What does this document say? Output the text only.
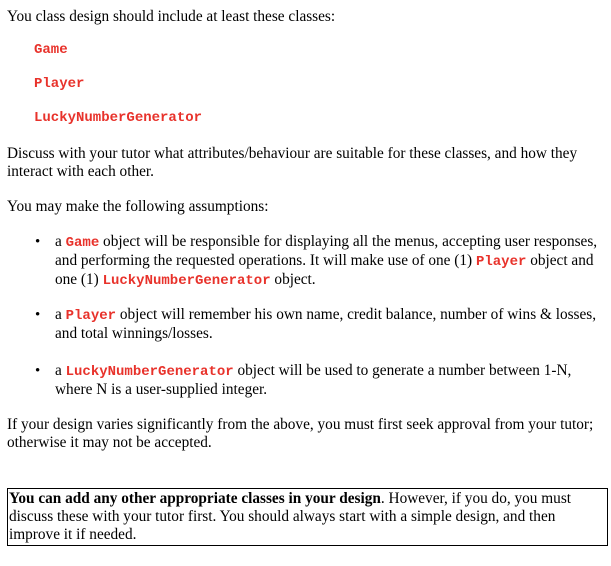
You class design should include at least these classes:

Game

Player

LuckyNumberGenerator

Discuss with your tutor what attributes/behaviour are suitable for these classes, and how they interact with each other.

You may make the following assumptions:

• a Game object will be responsible for displaying all the menus, accepting user responses, and performing the requested operations. It will make use of one (1) Player object and one (1) LuckyNumberGenerator object.

• a Player object will remember his own name, credit balance, number of wins & losses, and total winnings/losses.

• a LuckyNumberGenerator object will be used to generate a number between 1-N, where N is a user-supplied integer.

If your design varies significantly from the above, you must first seek approval from your tutor; otherwise it may not be accepted.

You can add any other appropriate classes in your design. However, if you do, you must discuss these with your tutor first. You should always start with a simple design, and then improve it if needed.
